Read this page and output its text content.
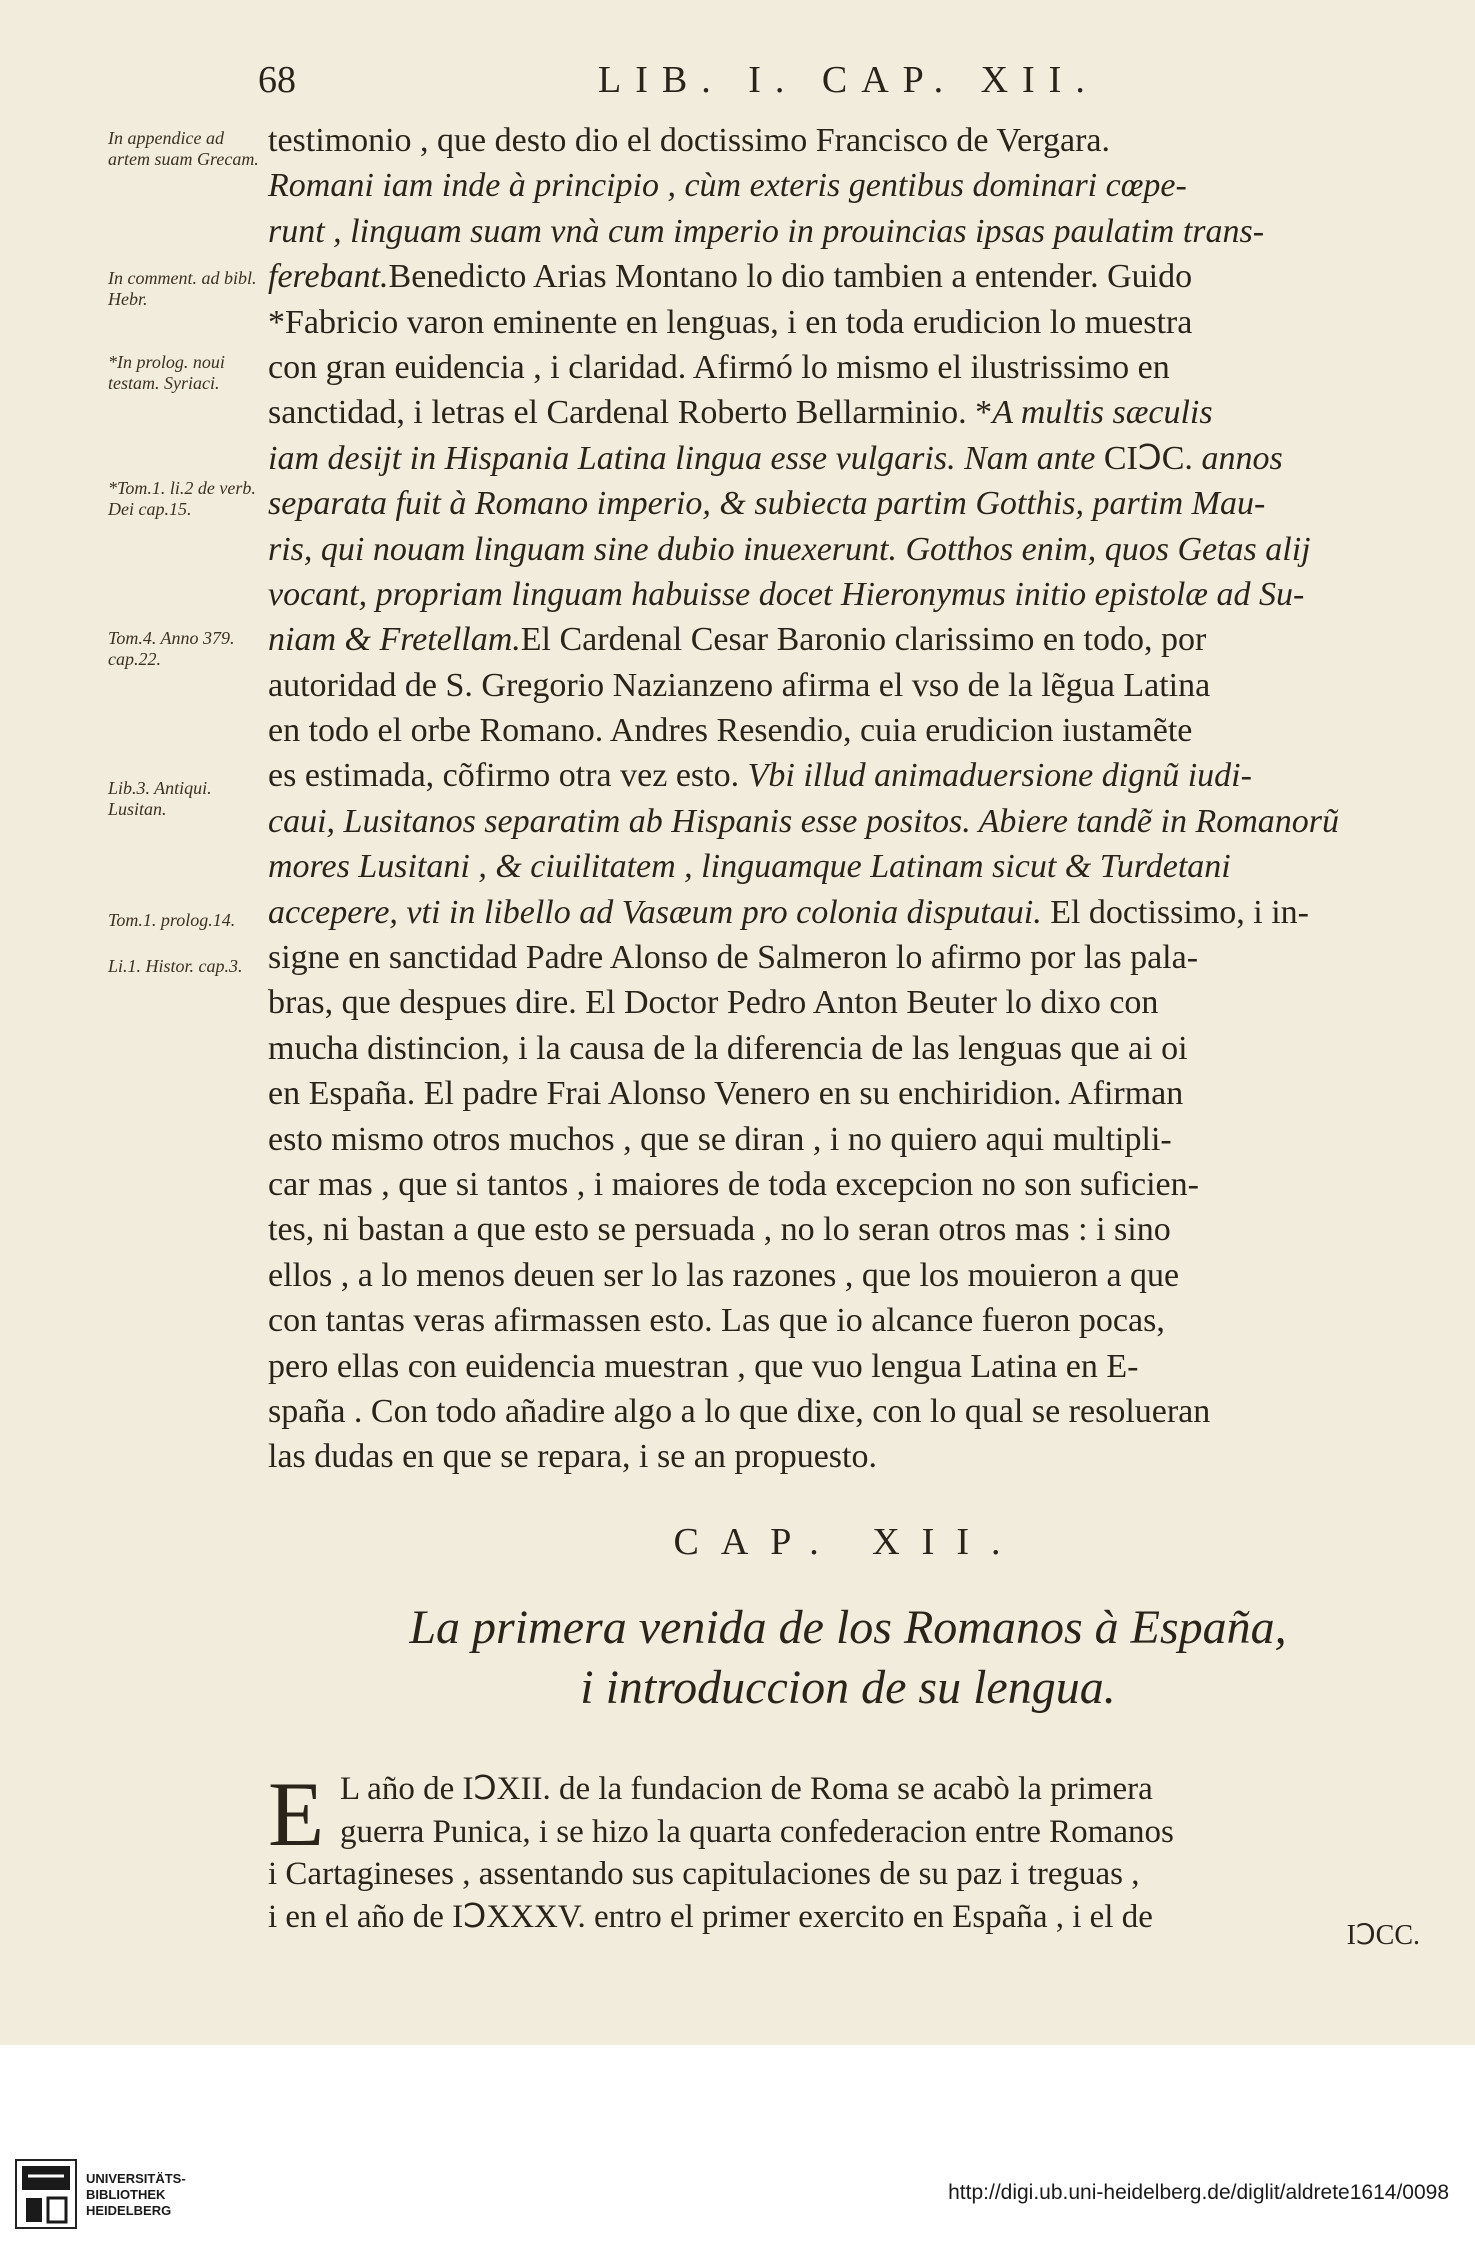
68	LIB. I. CAP. XII.
In appendice ad artem suam Grecam.
In comment. ad bibl. Hebr.
*In prolog. noui testam. Syriaci.
*Tom.1. li.2 de verb. Dei cap.15.
Tom.4. Anno 379. cap.22.
Lib.3. Antiqui. Lusitan.
Tom.1. prolog.14.
Li.1. Histor. cap.3.
testimonio , que desto dio el doctissimo Francisco de Vergara.
Romani iam inde à principio , cùm exteris gentibus dominari cœpe-
runt , linguam suam vnà cum imperio in prouincias ipsas paulatim trans-
ferebant.Benedicto Arias Montano lo dio tambien a entender. Guido
*Fabricio varon eminente en lenguas, i en toda erudicion lo muestra
con gran euidencia , i claridad. Afirmó lo mismo el ilustrissimo en
sanctidad, i letras el Cardenal Roberto Bellarminio. *A multis sæculis
iam desijt in Hispania Latina lingua esse vulgaris. Nam ante CIↃC. annos
separata fuit à Romano imperio, & subiecta partim Gotthis, partim Mau-
ris, qui nouam linguam sine dubio inuexerunt. Gotthos enim, quos Getas alij
vocant, propriam linguam habuisse docet Hieronymus initio epistolæ ad Su-
niam & Fretellam.El Cardenal Cesar Baronio clarissimo en todo, por
autoridad de S. Gregorio Nazianzeno afirma el vso de la lẽgua Latina
en todo el orbe Romano. Andres Resendio, cuia erudicion iustamẽte
es estimada, cõfirmo otra vez esto. Vbi illud animaduersione dignũ iudi-
caui, Lusitanos separatim ab Hispanis esse positos. Abiere tandẽ in Romanorũ
mores Lusitani , & ciuilitatem , linguamque Latinam sicut & Turdetani
accepere, vti in libello ad Vasæum pro colonia disputaui. El doctissimo, i in-
signe en sanctidad Padre Alonso de Salmeron lo afirmo por las pala-
bras, que despues dire. El Doctor Pedro Anton Beuter lo dixo con
mucha distincion, i la causa de la diferencia de las lenguas que ai oi
en España. El padre Frai Alonso Venero en su enchiridion. Afirman
esto mismo otros muchos , que se diran , i no quiero aqui multipli-
car mas , que si tantos , i maiores de toda excepcion no son suficien-
tes, ni bastan a que esto se persuada , no lo seran otros mas : i sino
ellos , a lo menos deuen ser lo las razones , que los mouieron a que
con tantas veras afirmassen esto. Las que io alcance fueron pocas,
pero ellas con euidencia muestran , que vuo lengua Latina en E-
spaña . Con todo añadire algo a lo que dixe, con lo qual se resolueran
las dudas en que se repara, i se an propuesto.
CAP. XII.
La primera venida de los Romanos à España,
i introduccion de su lengua.
E L año de IↃXII. de la fundacion de Roma se acabò la primera
guerra Punica, i se hizo la quarta confederacion entre Romanos
i Cartagineses , assentando sus capitulaciones de su paz i treguas ,
i en el año de IↃXXXV. entro el primer exercito en España , i el de
IↃCC.
UNIVERSITÄTS-
BIBLIOTHEK
HEIDELBERG
http://digi.ub.uni-heidelberg.de/diglit/aldrete1614/0098
